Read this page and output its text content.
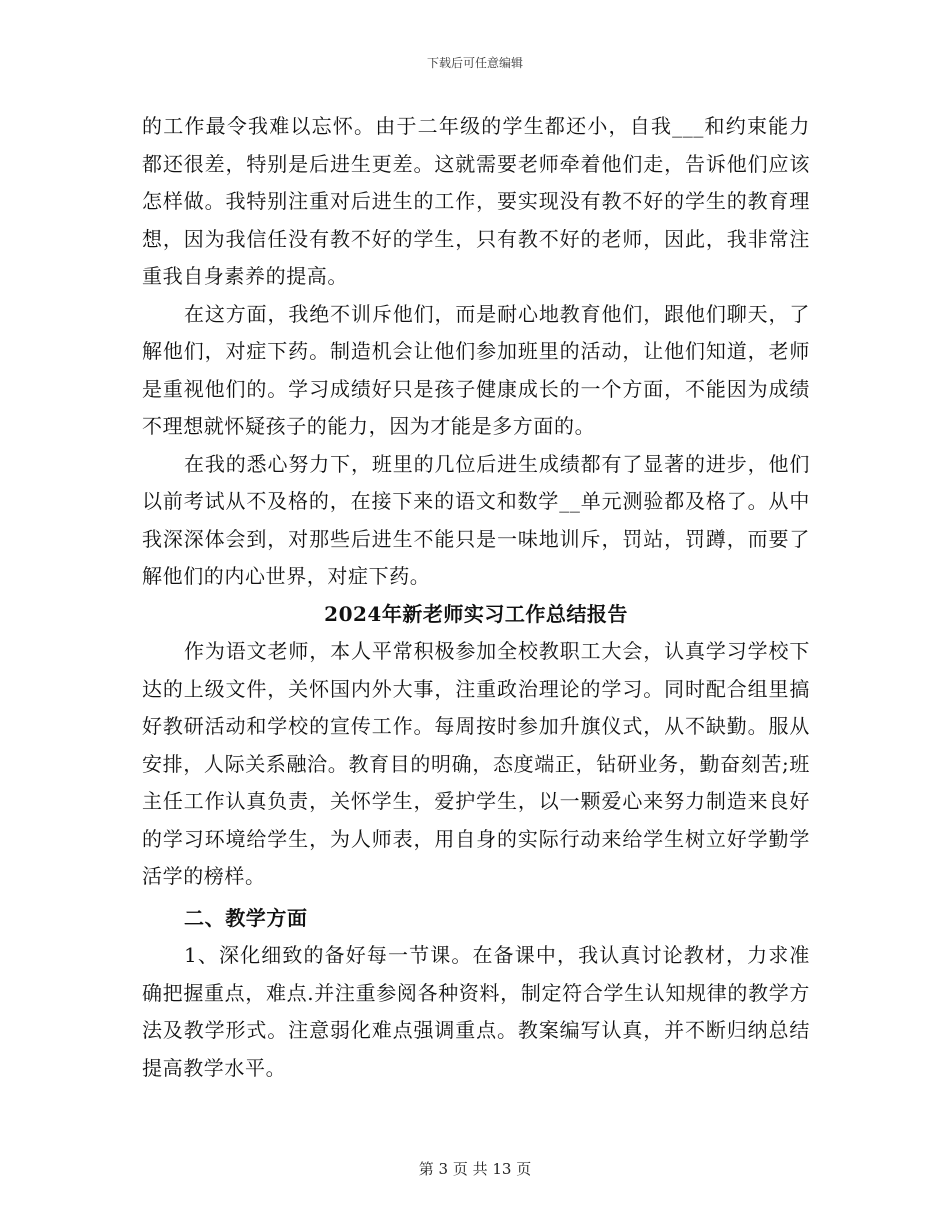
下载后可任意编辑

的工作最令我难以忘怀。由于二年级的学生都还小，自我___和约束能力都还很差，特别是后进生更差。这就需要老师牵着他们走，告诉他们应该怎样做。我特别注重对后进生的工作，要实现没有教不好的学生的教育理想，因为我信任没有教不好的学生，只有教不好的老师，因此，我非常注重我自身素养的提高。

在这方面，我绝不训斥他们，而是耐心地教育他们，跟他们聊天，了解他们，对症下药。制造机会让他们参加班里的活动，让他们知道，老师是重视他们的。学习成绩好只是孩子健康成长的一个方面，不能因为成绩不理想就怀疑孩子的能力，因为才能是多方面的。

在我的悉心努力下，班里的几位后进生成绩都有了显著的进步，他们以前考试从不及格的，在接下来的语文和数学__单元测验都及格了。从中我深深体会到，对那些后进生不能只是一味地训斥，罚站，罚蹲，而要了解他们的内心世界，对症下药。

2024年新老师实习工作总结报告

作为语文老师，本人平常积极参加全校教职工大会，认真学习学校下达的上级文件，关怀国内外大事，注重政治理论的学习。同时配合组里搞好教研活动和学校的宣传工作。每周按时参加升旗仪式，从不缺勤。服从安排，人际关系融洽。教育目的明确，态度端正，钻研业务，勤奋刻苦;班主任工作认真负责，关怀学生，爱护学生，以一颗爱心来努力制造来良好的学习环境给学生，为人师表，用自身的实际行动来给学生树立好学勤学活学的榜样。

二、教学方面

1、深化细致的备好每一节课。在备课中，我认真讨论教材，力求准确把握重点，难点.并注重参阅各种资料，制定符合学生认知规律的教学方法及教学形式。注意弱化难点强调重点。教案编写认真，并不断归纳总结提高教学水平。

第 3 页 共 13 页
